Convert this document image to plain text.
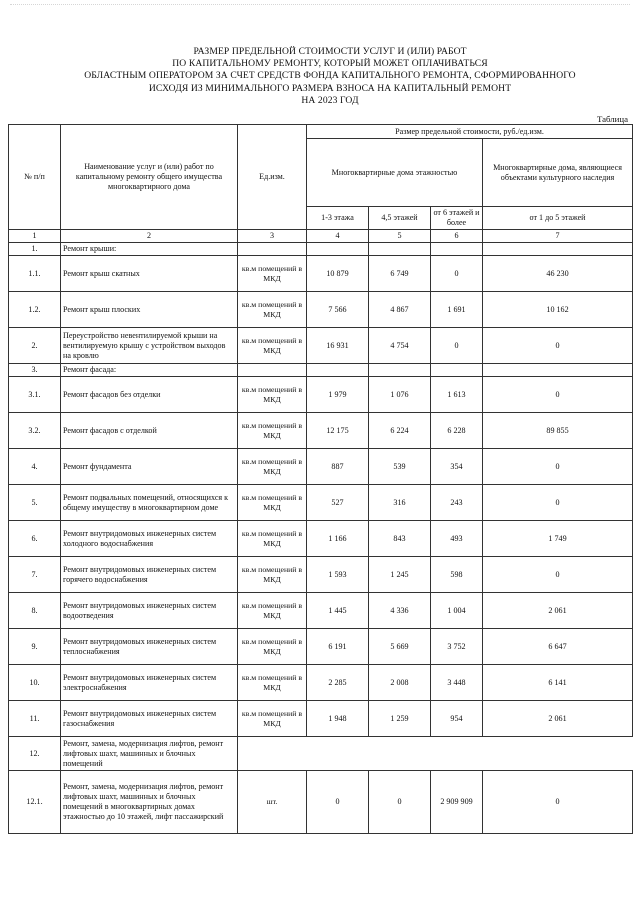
РАЗМЕР ПРЕДЕЛЬНОЙ СТОИМОСТИ УСЛУГ И (ИЛИ) РАБОТ
ПО КАПИТАЛЬНОМУ РЕМОНТУ, КОТОРЫЙ МОЖЕТ ОПЛАЧИВАТЬСЯ
ОБЛАСТНЫМ ОПЕРАТОРОМ ЗА СЧЕТ СРЕДСТВ ФОНДА КАПИТАЛЬНОГО РЕМОНТА, СФОРМИРОВАННОГО
ИСХОДЯ ИЗ МИНИМАЛЬНОГО РАЗМЕРА ВЗНОСА НА КАПИТАЛЬНЫЙ РЕМОНТ
НА 2023 ГОД
Таблица
№ п/п	Наименование услуг и (или) работ по капитальному ремонту общего имущества многоквартирного дома	Ед.изм.	Размер предельной стоимости, руб./ед.изм.			
			Многоквартирные дома этажностью			Многоквартирные дома, являющиеся объектами культурного наследия
			1-3 этажа	4,5 этажей	от 6 этажей и более	от 1 до 5 этажей
1	2	3	4	5	6	7
1.	Ремонт крыши:					
1.1.	Ремонт крыш скатных	кв.м помещений в МКД	10 879	6 749	0	46 230
1.2.	Ремонт крыш плоских	кв.м помещений в МКД	7 566	4 867	1 691	10 162
2.	Переустройство невентилируемой крыши на вентилируемую крышу с устройством выходов на кровлю	кв.м помещений в МКД	16 931	4 754	0	0
3.	Ремонт фасада:					
3.1.	Ремонт фасадов без отделки	кв.м помещений в МКД	1 979	1 076	1 613	0
3.2.	Ремонт фасадов с отделкой	кв.м помещений в МКД	12 175	6 224	6 228	89 855
4.	Ремонт фундамента	кв.м помещений в МКД	887	539	354	0
5.	Ремонт подвальных помещений, относящихся к общему имуществу в многоквартирном доме	кв.м помещений в МКД	527	316	243	0
6.	Ремонт внутридомовых инженерных систем холодного водоснабжения	кв.м помещений в МКД	1 166	843	493	1 749
7.	Ремонт внутридомовых инженерных систем горячего водоснабжения	кв.м помещений в МКД	1 593	1 245	598	0
8.	Ремонт внутридомовых инженерных систем водоотведения	кв.м помещений в МКД	1 445	4 336	1 004	2 061
9.	Ремонт внутридомовых инженерных систем теплоснабжения	кв.м помещений в МКД	6 191	5 669	3 752	6 647
10.	Ремонт внутридомовых инженерных систем электроснабжения	кв.м помещений в МКД	2 285	2 008	3 448	6 141
11.	Ремонт внутридомовых инженерных систем газоснабжения	кв.м помещений в МКД	1 948	1 259	954	2 061
12.	Ремонт, замена, модернизация лифтов, ремонт лифтовых шахт, машинных и блочных помещений					
12.1.	Ремонт, замена, модернизация лифтов, ремонт лифтовых шахт, машинных и блочных помещений в многоквартирных домах этажностью до 10 этажей, лифт пассажирский	шт.	0	0	2 909 909	0
